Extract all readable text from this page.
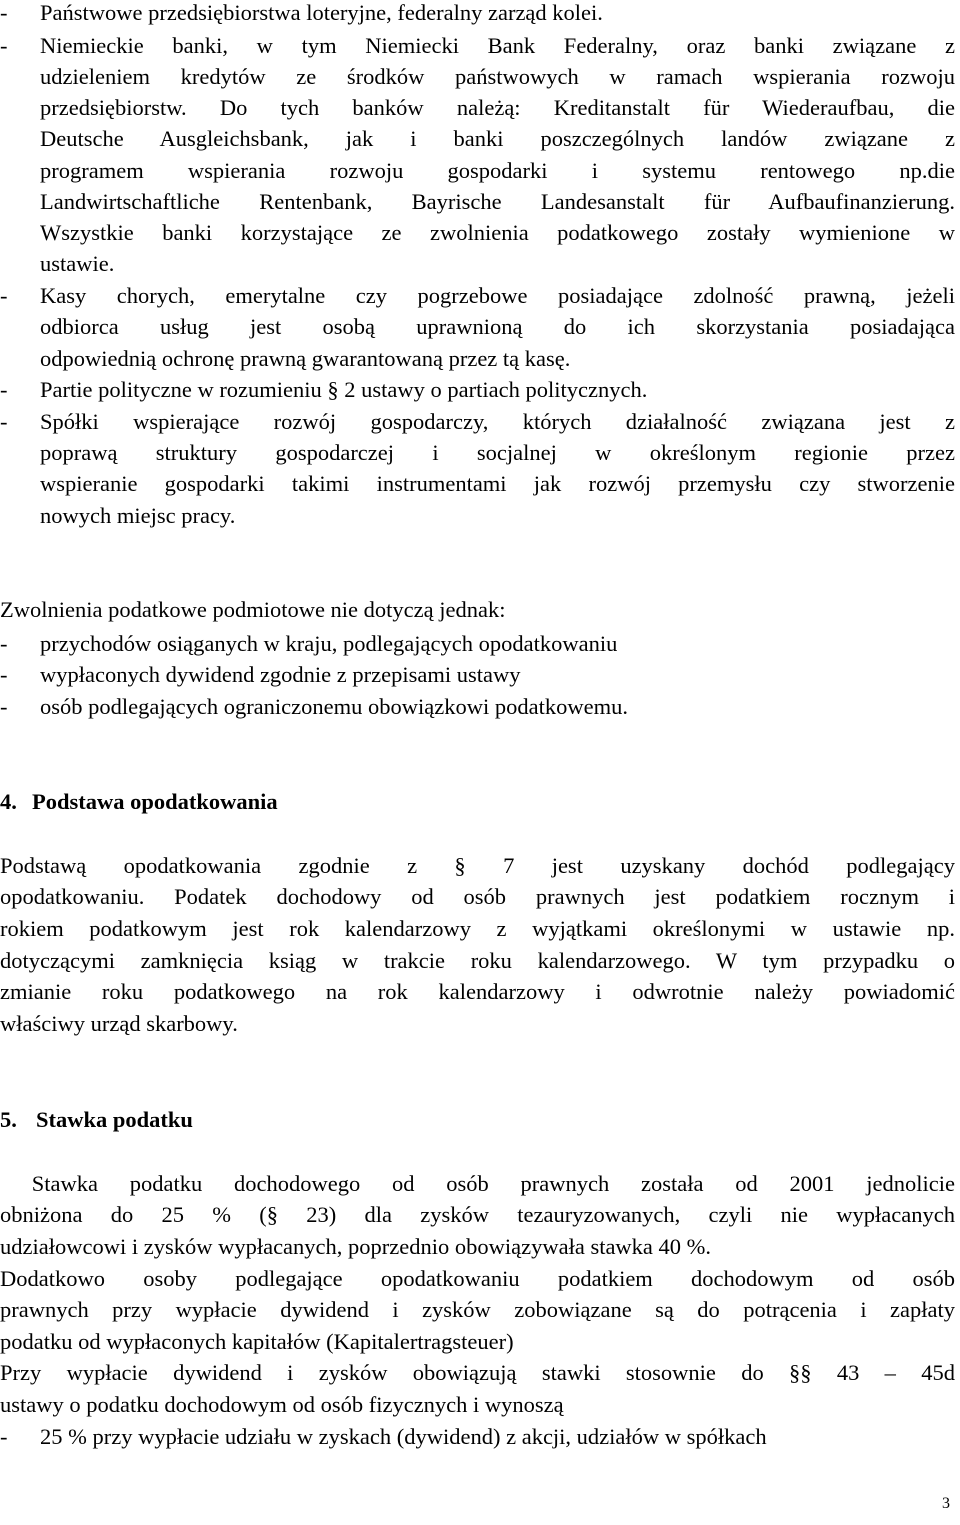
- Państwowe przedsiębiorstwa loteryjne, federalny zarząd kolei.
- Niemieckie banki, w tym Niemiecki Bank Federalny, oraz banki związane z
udzieleniem kredytów ze środków państwowych w ramach wspierania rozwoju
przedsiębiorstw. Do tych banków należą: Kreditanstalt für Wiederaufbau, die
Deutsche Ausgleichsbank, jak i banki poszczególnych landów związane z
programem wspierania rozwoju gospodarki i systemu rentowego np.die
Landwirtschaftliche Rentenbank, Bayrische Landesanstalt für Aufbaufinanzierung.
Wszystkie banki korzystające ze zwolnienia podatkowego zostały wymienione w
ustawie.
- Kasy chorych, emerytalne czy pogrzebowe posiadające zdolność prawną, jeżeli
odbiorca usług jest osobą uprawnioną do ich skorzystania posiadająca
odpowiednią ochronę prawną gwarantowaną przez tą kasę.
- Partie polityczne w rozumieniu § 2 ustawy o partiach politycznych.
- Spółki wspierające rozwój gospodarczy, których działalność związana jest z
poprawą struktury gospodarczej i socjalnej w określonym regionie przez
wspieranie gospodarki takimi instrumentami jak rozwój przemysłu czy stworzenie
nowych miejsc pracy.
Zwolnienia podatkowe podmiotowe nie dotyczą jednak:
- przychodów osiąganych w kraju, podlegających opodatkowaniu
- wypłaconych dywidend zgodnie z przepisami ustawy
- osób podlegających ograniczonemu obowiązkowi podatkowemu.
4. Podstawa opodatkowania
Podstawą opodatkowania zgodnie z § 7 jest uzyskany dochód podlegający
opodatkowaniu. Podatek dochodowy od osób prawnych jest podatkiem rocznym i
rokiem podatkowym jest rok kalendarzowy z wyjątkami określonymi w ustawie np.
dotyczącymi zamknięcia ksiąg w trakcie roku kalendarzowego. W tym przypadku o
zmianie roku podatkowego na rok kalendarzowy i odwrotnie należy powiadomić
właściwy urząd skarbowy.
5. Stawka podatku
Stawka podatku dochodowego od osób prawnych została od 2001 jednolicie
obniżona do 25 % (§ 23) dla zysków tezauryzowanych, czyli nie wypłacanych
udziałowcowi i zysków wypłacanych, poprzednio obowiązywała stawka 40 %.
Dodatkowo osoby podlegające opodatkowaniu podatkiem dochodowym od osób
prawnych przy wypłacie dywidend i zysków zobowiązane są do potrącenia i zapłaty
podatku od wypłaconych kapitałów (Kapitalertragsteuer)
Przy wypłacie dywidend i zysków obowiązują stawki stosownie do §§ 43 – 45d
ustawy o podatku dochodowym od osób fizycznych i wynoszą
- 25 % przy wypłacie udziału w zyskach (dywidend) z akcji, udziałów w spółkach
3
